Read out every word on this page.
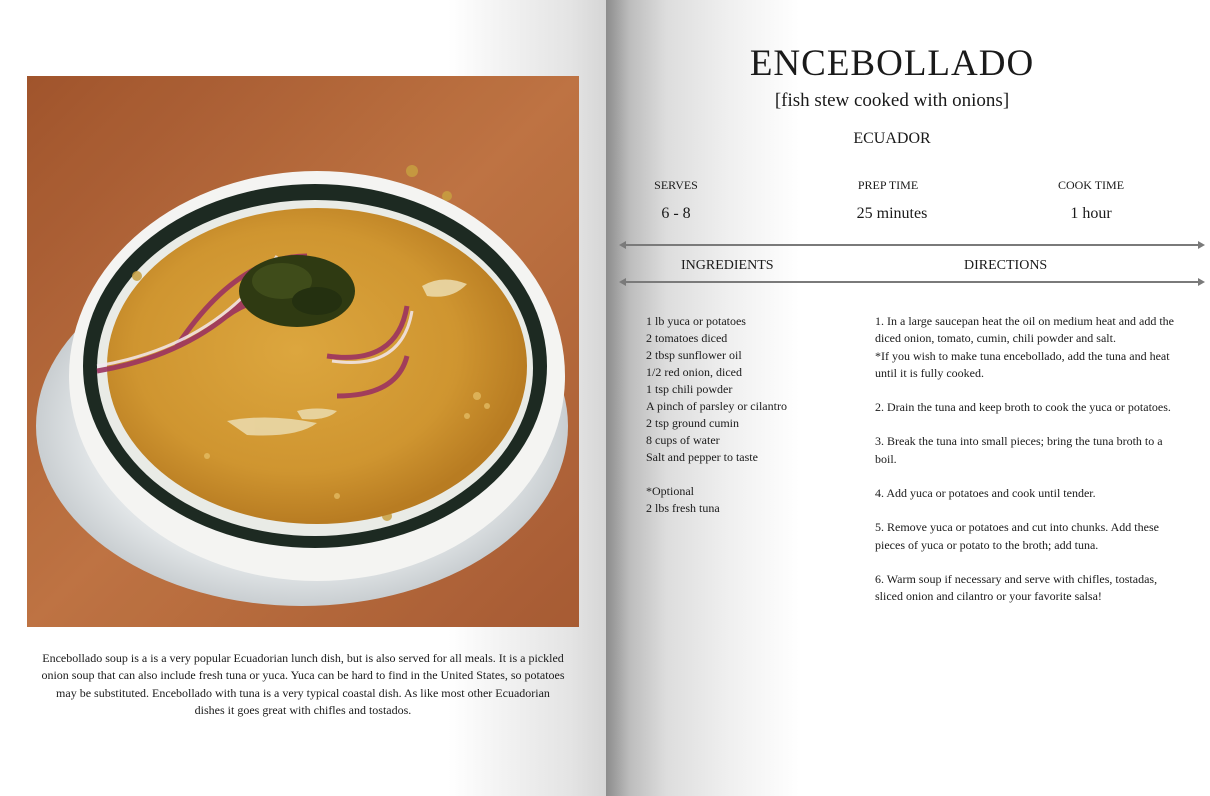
Encebollado soup is a is a very popular Ecuadorian lunch dish, but is also served for all meals. It is a pickled onion soup that can also include fresh tuna or yuca. Yuca can be hard to find in the United States, so potatoes may be substituted. Encebollado with tuna is a very typical coastal dish. As like most other Ecuadorian dishes it goes great with chifles and tostados.
ENCEBOLLADO
[fish stew cooked with onions]
ECUADOR
SERVES
6 - 8
PREP TIME
25 minutes
COOK TIME
1 hour
INGREDIENTS	DIRECTIONS
1 lb yuca or potatoes
2 tomatoes diced
2 tbsp sunflower oil
1/2 red onion, diced
1 tsp chili powder
A pinch of parsley or cilantro
2 tsp ground cumin
8 cups of water
Salt and pepper to taste
*Optional
2 lbs fresh tuna

1. In a large saucepan heat the oil on medium heat and add the diced onion, tomato, cumin, chili powder and salt.
*If you wish to make tuna encebollado, add the tuna and heat until it is fully cooked.

2. Drain the tuna and keep broth to cook the yuca or potatoes.

3. Break the tuna into small pieces; bring the tuna broth to a boil.

4. Add yuca or potatoes and cook until tender.

5. Remove yuca or potatoes and cut into chunks. Add these pieces of yuca or potato to the broth; add tuna.

6. Warm soup if necessary and serve with chifles, tostadas, sliced onion and cilantro or your favorite salsa!
